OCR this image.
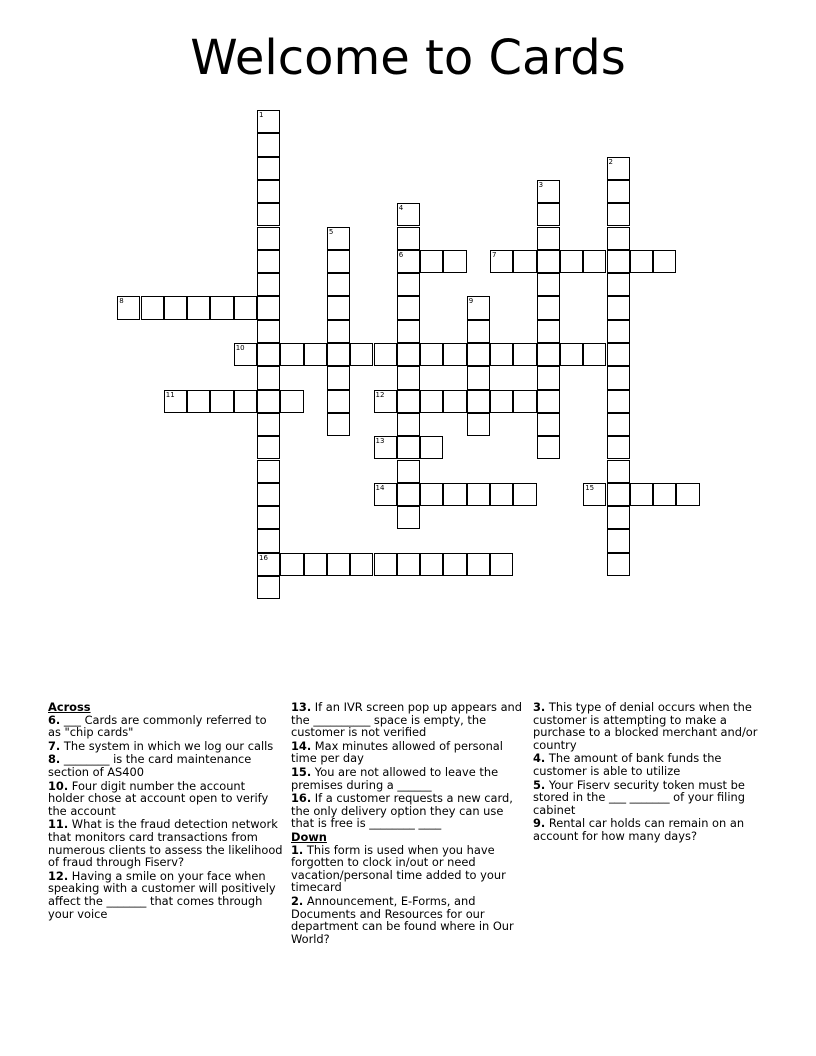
Welcome to Cards
6	7
8
10
11	12
13
14	15
16
1
2
3
4
5
9
Across
6. ___ Cards are commonly referred to as "chip cards"
7. The system in which we log our calls
8. ________ is the card maintenance section of AS400
10. Four digit number the account holder chose at account open to verify the account
11. What is the fraud detection network that monitors card transactions from numerous clients to assess the likelihood of fraud through Fiserv?
12. Having a smile on your face when speaking with a customer will positively affect the _______ that comes through your voice
13. If an IVR screen pop up appears and the __________ space is empty, the customer is not verified
14. Max minutes allowed of personal time per day
15. You are not allowed to leave the premises during a ______
16. If a customer requests a new card, the only delivery option they can use that is free is ________ ____
Down
1. This form is used when you have forgotten to clock in/out or need vacation/personal time added to your timecard
2. Announcement, E-Forms, and Documents and Resources for our department can be found where in Our World?
3. This type of denial occurs when the customer is attempting to make a purchase to a blocked merchant and/or country
4. The amount of bank funds the customer is able to utilize
5. Your Fiserv security token must be stored in the ___ _______ of your filing cabinet
9. Rental car holds can remain on an account for how many days?
